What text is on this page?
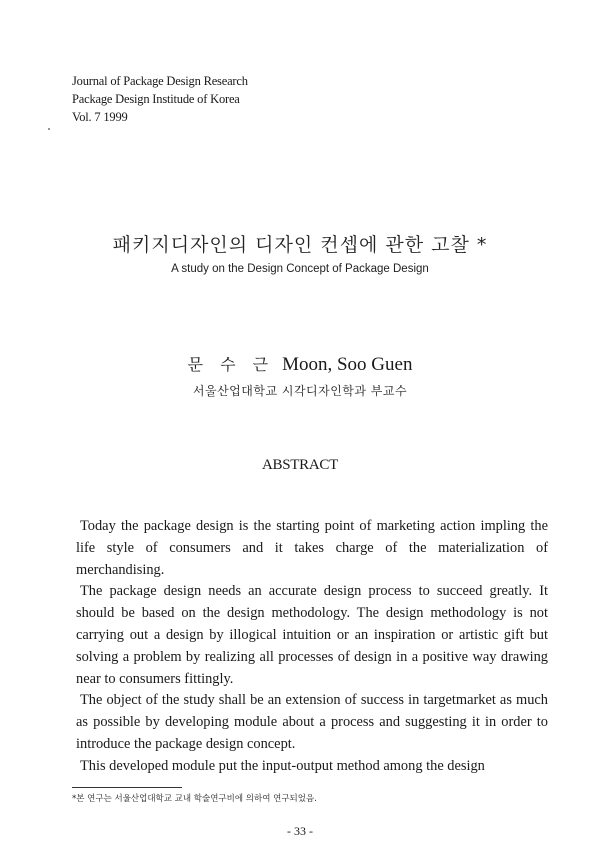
Journal of Package Design Research
Package Design Institude of Korea
Vol. 7 1999
패키지디자인의 디자인 컨셉에 관한 고찰 *
A study on the Design Concept of Package Design
문 수 근 Moon, Soo Guen
서울산업대학교 시각디자인학과 부교수
ABSTRACT

Today the package design is the starting point of marketing action impling the life style of consumers and it takes charge of the materialization of merchandising.

The package design needs an accurate design process to succeed greatly. It should be based on the design methodology. The design methodology is not carrying out a design by illogical intuition or an inspiration or artistic gift but solving a problem by realizing all processes of design in a positive way drawing near to consumers fittingly.

The object of the study shall be an extension of success in targetmarket as much as possible by developing module about a process and suggesting it in order to introduce the package design concept.

This developed module put the input-output method among the design

*본 연구는 서울산업대학교 교내 학술연구비에 의하여 연구되었음.
- 33 -
